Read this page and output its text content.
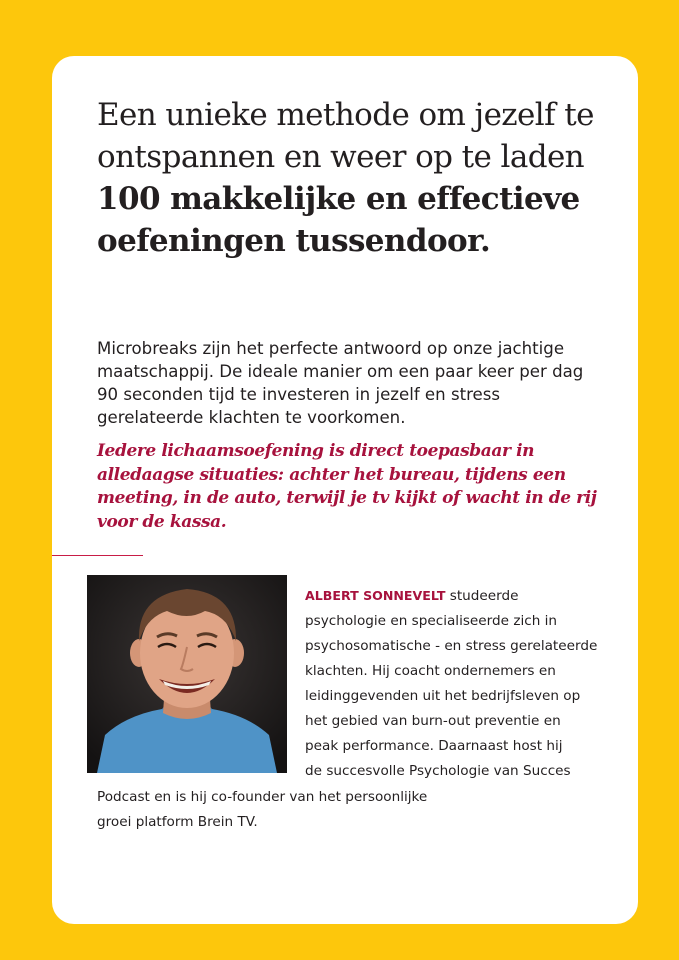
Een unieke methode om jezelf te ontspannen en weer op te laden 100 makkelijke en effectieve oefeningen tussendoor.

Microbreaks zijn het perfecte antwoord op onze jachtige maatschappij. De ideale manier om een paar keer per dag 90 seconden tijd te investeren in jezelf en stress gerelateerde klachten te voorkomen.

Iedere lichaamsoefening is direct toepasbaar in alledaagse situaties: achter het bureau, tijdens een meeting, in de auto, terwijl je tv kijkt of wacht in de rij voor de kassa.

ALBERT SONNEVELT studeerde

psychologie en specialiseerde zich in

psychosomatische - en stress gerelateerde

klachten. Hij coacht ondernemers en

leidinggevenden uit het bedrijfsleven op

het gebied van burn-out preventie en

peak performance. Daarnaast host hij

de succesvolle Psychologie van Succes

Podcast en is hij co-founder van het persoonlijke

groei platform Brein TV.
